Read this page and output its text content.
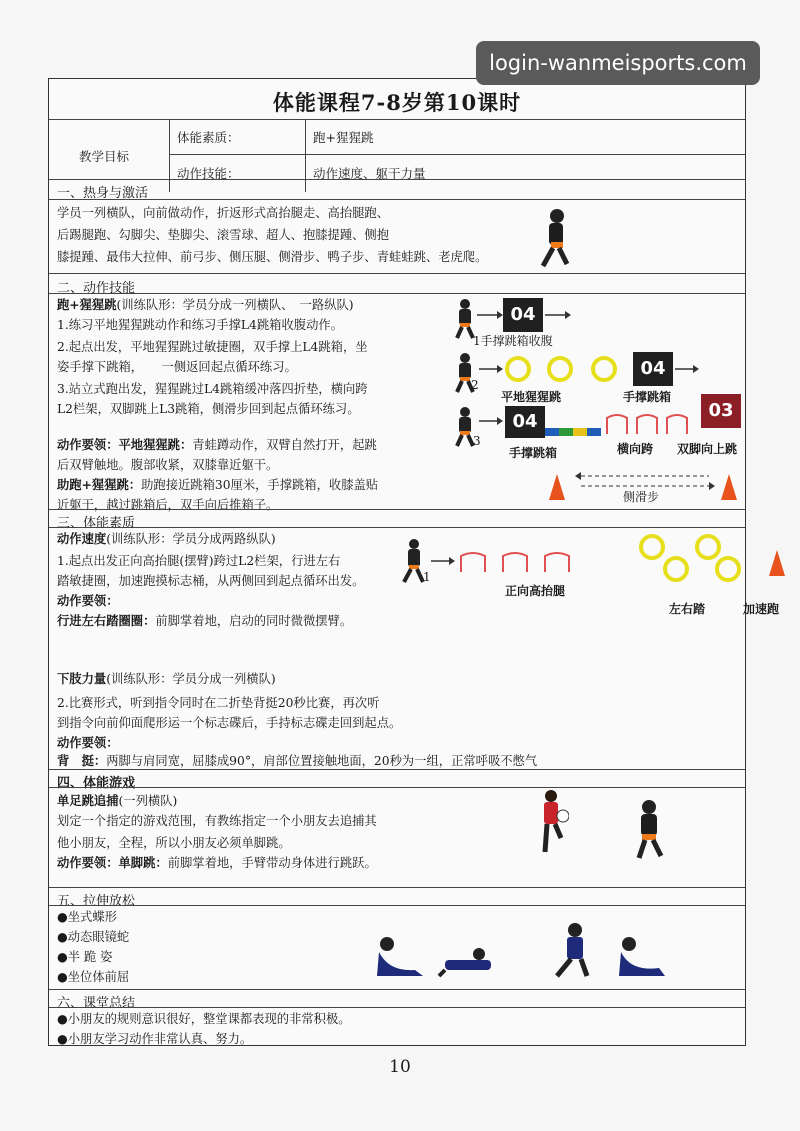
login-wanmeisports.com
体能课程7-8岁第10课时
教学目标
体能素质：	跑+猩猩跳
动作技能：	动作速度、躯干力量
一、热身与激活
学员一列横队，向前做动作，折返形式高抬腿走、高抬腿跑、
后踢腿跑、勾脚尖、垫脚尖、滚雪球、超人、抱膝提踵、侧抱
膝提踵、最伟大拉伸、前弓步、侧压腿、侧滑步、鸭子步、青蛙蛙跳、老虎爬。
二、动作技能
跑+猩猩跳(训练队形：学员分成一列横队、　一路纵队)
1.练习平地猩猩跳动作和练习手撑L4跳箱收腹动作。
2.起点出发，平地猩猩跳过敏捷圈，双手撑上L4跳箱，坐
姿手撑下跳箱，　　一侧返回起点循环练习。
3.站立式跑出发，猩猩跳过L4跳箱缓冲落四折垫，横向跨
L2栏架，双脚跳上L3跳箱，侧滑步回到起点循环练习。
动作要领：平地猩猩跳：青蛙蹲动作，双臂自然打开，起跳
后双臂触地。腹部收紧，双膝靠近躯干。
助跑+猩猩跳：助跑接近跳箱30厘米，手撑跳箱，收膝盖贴
近躯干，越过跳箱后，双手向后推箱子。
04
1手撑跳箱收腹
2
04
平地猩猩跳	手撑跳箱
3
04
03
手撑跳箱	横向跨 双脚向上跳
侧滑步
三、体能素质
动作速度(训练队形：学员分成两路纵队)
1.起点出发正向高抬腿(摆臂)跨过L2栏架，行进左右
踏敏捷圈，加速跑摸标志桶，从两侧回到起点循环出发。
动作要领：
行进左右踏圈圈：前脚掌着地，启动的同时微微摆臂。
1
正向高抬腿
左右踏	加速跑
下肢力量(训练队形：学员分成一列横队)
2.比赛形式，听到指令同时在二折垫背挺20秒比赛，再次听
到指令向前仰面爬形运一个标志碟后，手持标志碟走回到起点。
动作要领：
背　挺：两脚与肩同宽，屈膝成90°，肩部位置接触地面，20秒为一组，正常呼吸不憋气
四、体能游戏
单足跳追捕(一列横队)
划定一个指定的游戏范围，有教练指定一个小朋友去追捕其
他小朋友，全程，所以小朋友必须单脚跳。
动作要领：单脚跳：前脚掌着地，手臂带动身体进行跳跃。
五、拉伸放松
●坐式蝶形
●动态眼镜蛇
●半 跪 姿
●坐位体前屈
六、课堂总结
●小朋友的规则意识很好，整堂课都表现的非常积极。
●小朋友学习动作非常认真、努力。
10
